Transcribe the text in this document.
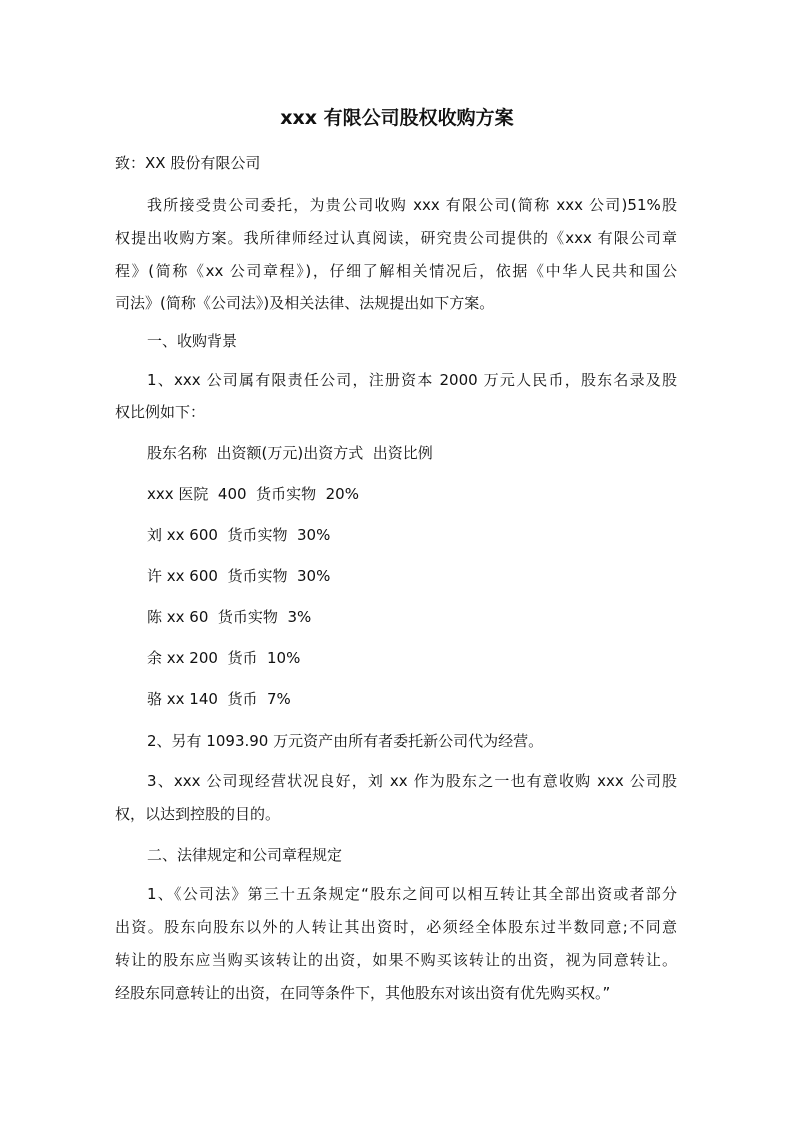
xxx 有限公司股权收购方案
致：XX 股份有限公司
我所接受贵公司委托，为贵公司收购 xxx 有限公司(简称 xxx 公司)51%股
权提出收购方案。我所律师经过认真阅读，研究贵公司提供的《xxx 有限公司章
程》(简称《xx 公司章程》)，仔细了解相关情况后，依据《中华人民共和国公
司法》(简称《公司法》)及相关法律、法规提出如下方案。
一、收购背景
1、xxx 公司属有限责任公司，注册资本 2000 万元人民币，股东名录及股
权比例如下：
股东名称  出资额(万元)出资方式  出资比例
xxx 医院  400  货币实物  20%
刘 xx 600  货币实物  30%
许 xx 600  货币实物  30%
陈 xx 60  货币实物  3%
余 xx 200  货币  10%
骆 xx 140  货币  7%
2、另有 1093.90 万元资产由所有者委托新公司代为经营。
3、xxx 公司现经营状况良好，刘 xx 作为股东之一也有意收购 xxx 公司股
权，以达到控股的目的。
二、法律规定和公司章程规定
1、《公司法》第三十五条规定“股东之间可以相互转让其全部出资或者部分
出资。股东向股东以外的人转让其出资时，必须经全体股东过半数同意;不同意
转让的股东应当购买该转让的出资，如果不购买该转让的出资，视为同意转让。
经股东同意转让的出资，在同等条件下，其他股东对该出资有优先购买权。”
